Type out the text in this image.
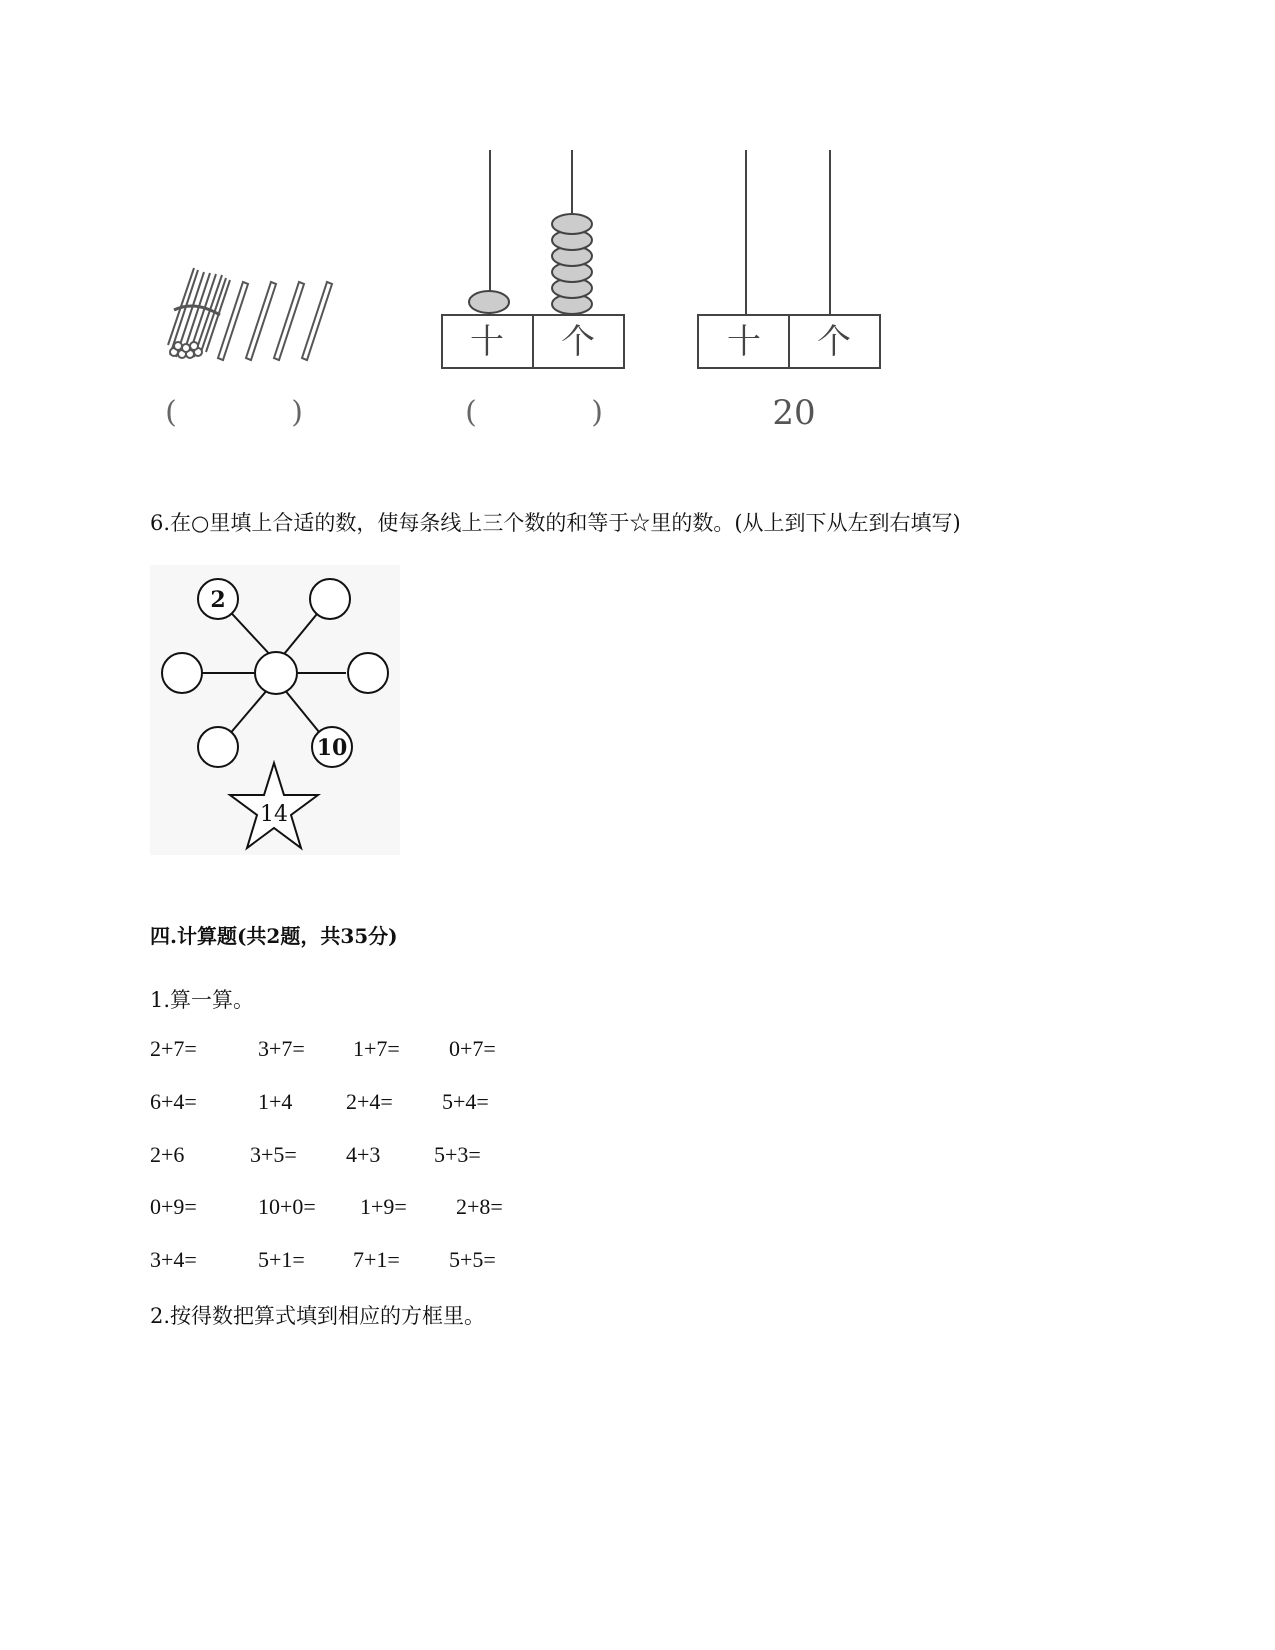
十 个	十 个
(            )	(            )	20
6.在○里填上合适的数，使每条线上三个数的和等于☆里的数。(从上到下从左到右填写)
2
10
14
四.计算题(共2题，共35分)
1.算一算。
2+7=	3+7= 1+7= 0+7=
6+4=	1+4 2+4= 5+4=
2+6	3+5= 4+3 5+3=
0+9=	10+0= 1+9= 2+8=
3+4=	5+1= 7+1= 5+5=
2.按得数把算式填到相应的方框里。
